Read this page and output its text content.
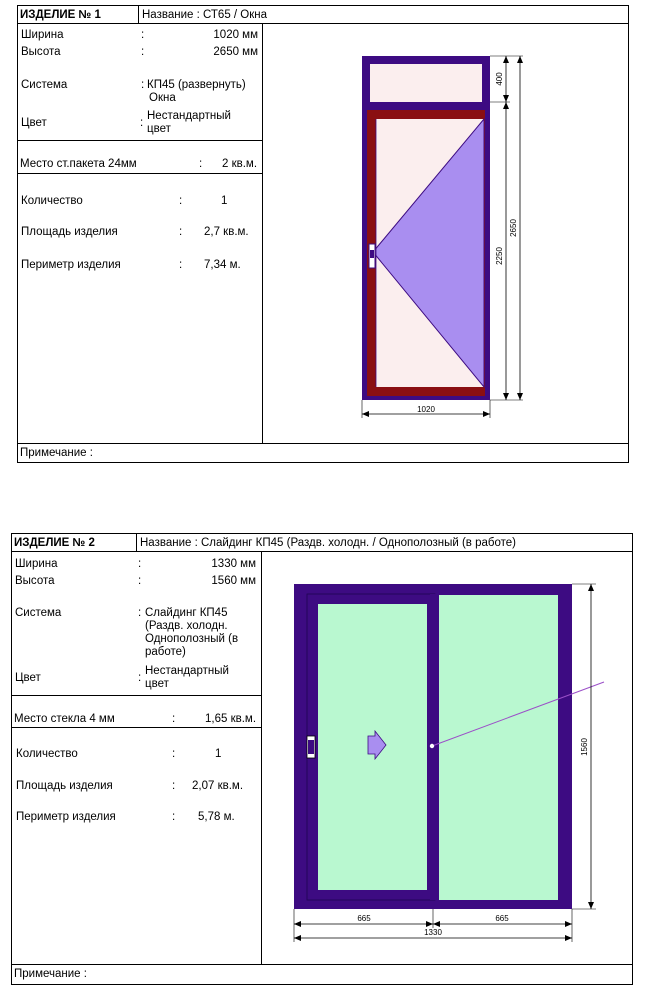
ИЗДЕЛИЕ № 1	Название : СТ65 / Окна
Ширина	:	1020 мм
Высота	:	2650 мм
Система	: КП45 (развернуть)
Окна
Цвет	:
Нестандартный
цвет
Место ст.пакета 24мм	: 2 кв.м.
Количество	:	1
Площадь изделия	: 2,7 кв.м.
Периметр изделия	: 7,34 м.
Примечание :
400
2250
2650
1020
ИЗДЕЛИЕ № 2	Название : Слайдинг КП45 (Раздв. холодн. / Однополозный (в работе)
Ширина	:	1330 мм
Высота	:	1560 мм
Система	: Слайдинг КП45
(Раздв. холодн.
Однополозный (в
работе)
Цвет	:
Нестандартный
цвет
Место стекла 4 мм	:	1,65 кв.м.
Количество	:	1
Площадь изделия	: 2,07 кв.м.
Периметр изделия	: 5,78 м.
Примечание :
1560
665	665
1330
